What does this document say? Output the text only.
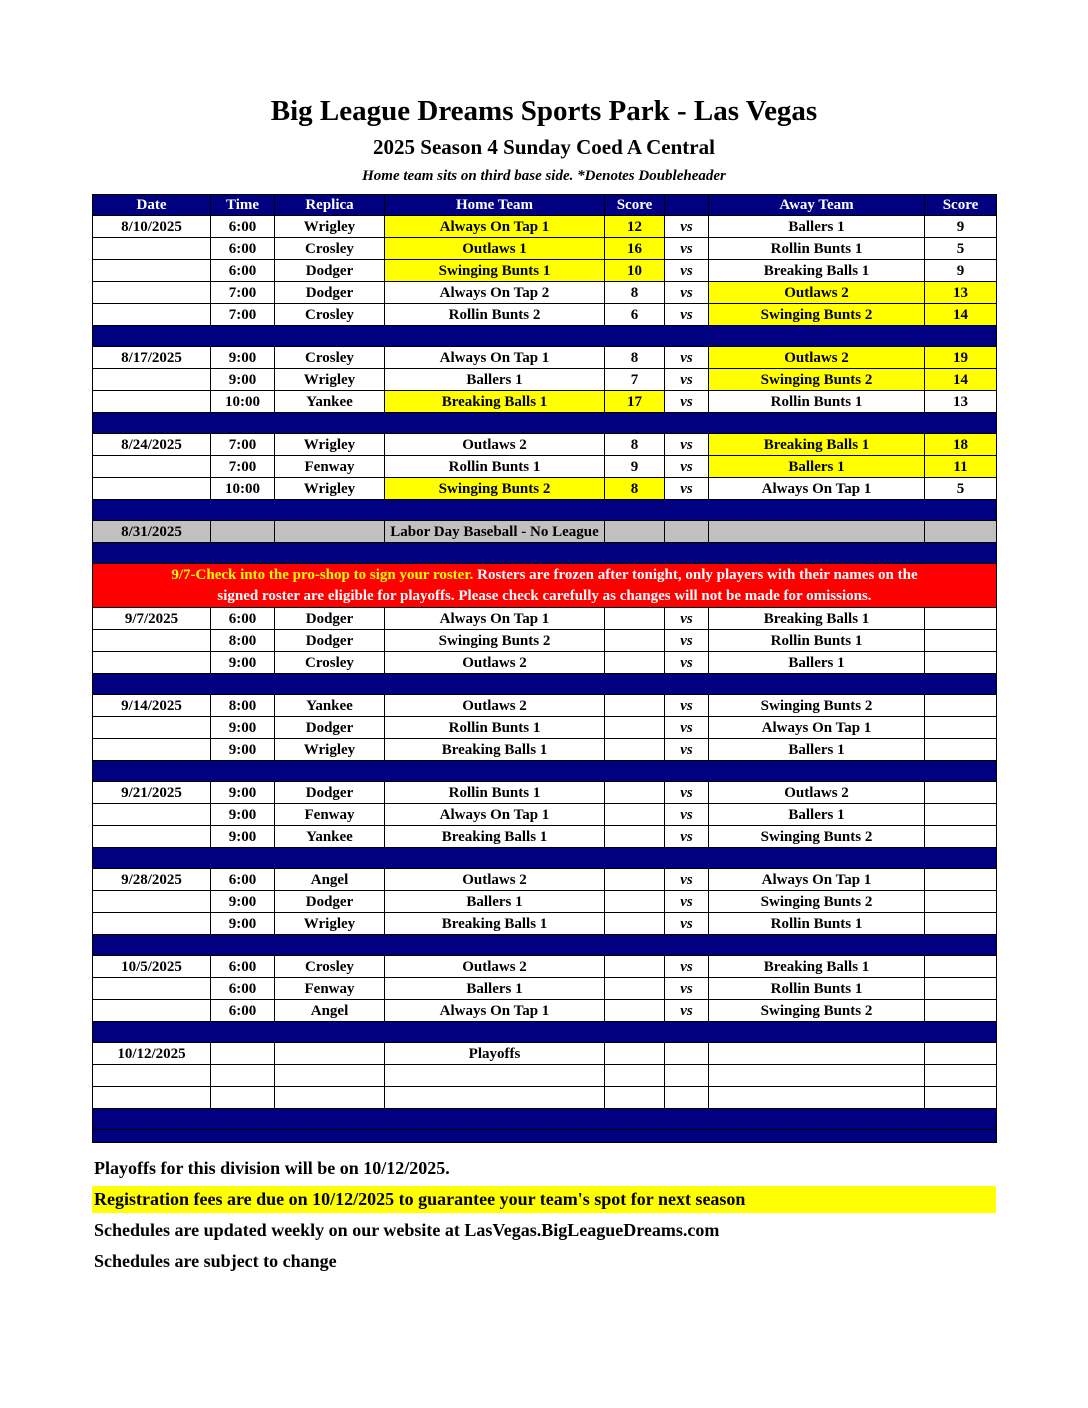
Big League Dreams Sports Park - Las Vegas
2025 Season 4 Sunday Coed A Central
Home team sits on third base side. *Denotes Doubleheader
Date	Time	Replica	Home Team	Score		Away Team	Score
8/10/2025	6:00	Wrigley	Always On Tap 1	12	vs	Ballers 1	9
	6:00	Crosley	Outlaws 1	16	vs	Rollin Bunts 1	5
	6:00	Dodger	Swinging Bunts 1	10	vs	Breaking Balls 1	9
	7:00	Dodger	Always On Tap 2	8	vs	Outlaws 2	13
	7:00	Crosley	Rollin Bunts 2	6	vs	Swinging Bunts 2	14

8/17/2025	9:00	Crosley	Always On Tap 1	8	vs	Outlaws 2	19
	9:00	Wrigley	Ballers 1	7	vs	Swinging Bunts 2	14
	10:00	Yankee	Breaking Balls 1	17	vs	Rollin Bunts 1	13

8/24/2025	7:00	Wrigley	Outlaws 2	8	vs	Breaking Balls 1	18
	7:00	Fenway	Rollin Bunts 1	9	vs	Ballers 1	11
	10:00	Wrigley	Swinging Bunts 2	8	vs	Always On Tap 1	5

8/31/2025			Labor Day Baseball - No League				

9/7-Check into the pro-shop to sign your roster. Rosters are frozen after tonight, only players with their names on the
signed roster are eligible for playoffs. Please check carefully as changes will not be made for omissions.							
9/7/2025	6:00	Dodger	Always On Tap 1		vs	Breaking Balls 1	
	8:00	Dodger	Swinging Bunts 2		vs	Rollin Bunts 1	
	9:00	Crosley	Outlaws 2		vs	Ballers 1	

9/14/2025	8:00	Yankee	Outlaws 2		vs	Swinging Bunts 2	
	9:00	Dodger	Rollin Bunts 1		vs	Always On Tap 1	
	9:00	Wrigley	Breaking Balls 1		vs	Ballers 1	

9/21/2025	9:00	Dodger	Rollin Bunts 1		vs	Outlaws 2	
	9:00	Fenway	Always On Tap 1		vs	Ballers 1	
	9:00	Yankee	Breaking Balls 1		vs	Swinging Bunts 2	

9/28/2025	6:00	Angel	Outlaws 2		vs	Always On Tap 1	
	9:00	Dodger	Ballers 1		vs	Swinging Bunts 2	
	9:00	Wrigley	Breaking Balls 1		vs	Rollin Bunts 1	

10/5/2025	6:00	Crosley	Outlaws 2		vs	Breaking Balls 1	
	6:00	Fenway	Ballers 1		vs	Rollin Bunts 1	
	6:00	Angel	Always On Tap 1		vs	Swinging Bunts 2	

10/12/2025			Playoffs				

Playoffs for this division will be on 10/12/2025.
Registration fees are due on 10/12/2025 to guarantee your team's spot for next season
Schedules are updated weekly on our website at LasVegas.BigLeagueDreams.com
Schedules are subject to change
